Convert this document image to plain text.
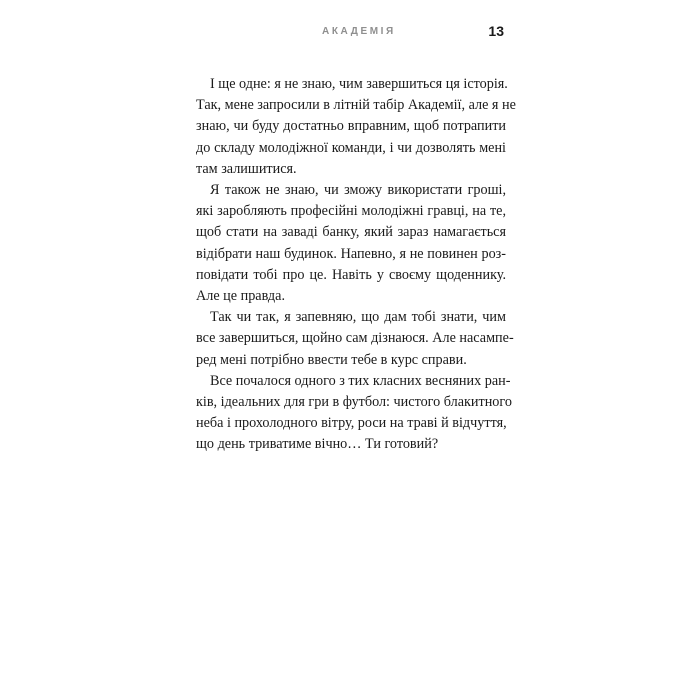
АКАДЕМІЯ	13
І ще одне: я не знаю, чим завершиться ця історія.
Так, мене запросили в літній табір Академії, але я не
знаю, чи буду достатньо вправним, щоб потрапити
до складу молодіжної команди, і чи дозволять мені
там залишитися.
Я також не знаю, чи зможу використати гроші,
які заробляють професійні молодіжні гравці, на те,
щоб стати на заваді банку, який зараз намагається
відібрати наш будинок. Напевно, я не повинен роз-
повідати тобі про це. Навіть у своєму щоденнику.
Але це правда.
Так чи так, я запевняю, що дам тобі знати, чим
все завершиться, щойно сам дізнаюся. Але насампе-
ред мені потрібно ввести тебе в курс справи.
Все почалося одного з тих класних весняних ран-
ків, ідеальних для гри в футбол: чистого блакитного
неба і прохолодного вітру, роси на траві й відчуття,
що день триватиме вічно… Ти готовий?
